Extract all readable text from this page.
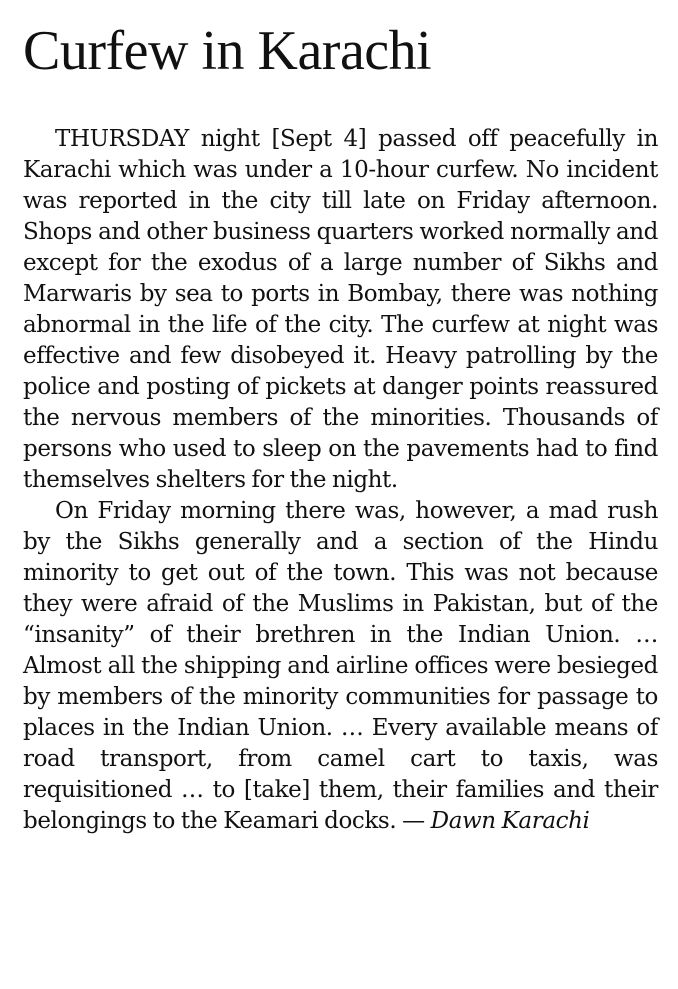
Curfew in Karachi

THURSDAY night [Sept 4] passed off peacefully in Karachi which was under a 10-hour curfew. No incident was reported in the city till late on Friday afternoon. Shops and other business quarters worked normally and except for the exodus of a large number of Sikhs and Marwaris by sea to ports in Bombay, there was nothing abnormal in the life of the city. The curfew at night was effective and few disobeyed it. Heavy patrolling by the police and posting of pickets at danger points reassured the nervous members of the minorities. Thousands of persons who used to sleep on the pavements had to find themselves shelters for the night.

On Friday morning there was, however, a mad rush by the Sikhs generally and a section of the Hindu minority to get out of the town. This was not because they were afraid of the Muslims in Pakistan, but of the “insanity” of their brethren in the Indian Union. … Almost all the shipping and airline offices were besieged by members of the minority communities for passage to places in the Indian Union. … Every available means of road transport, from camel cart to taxis, was requisitioned … to [take] them, their families and their belongings to the Keamari docks. — Dawn Karachi
